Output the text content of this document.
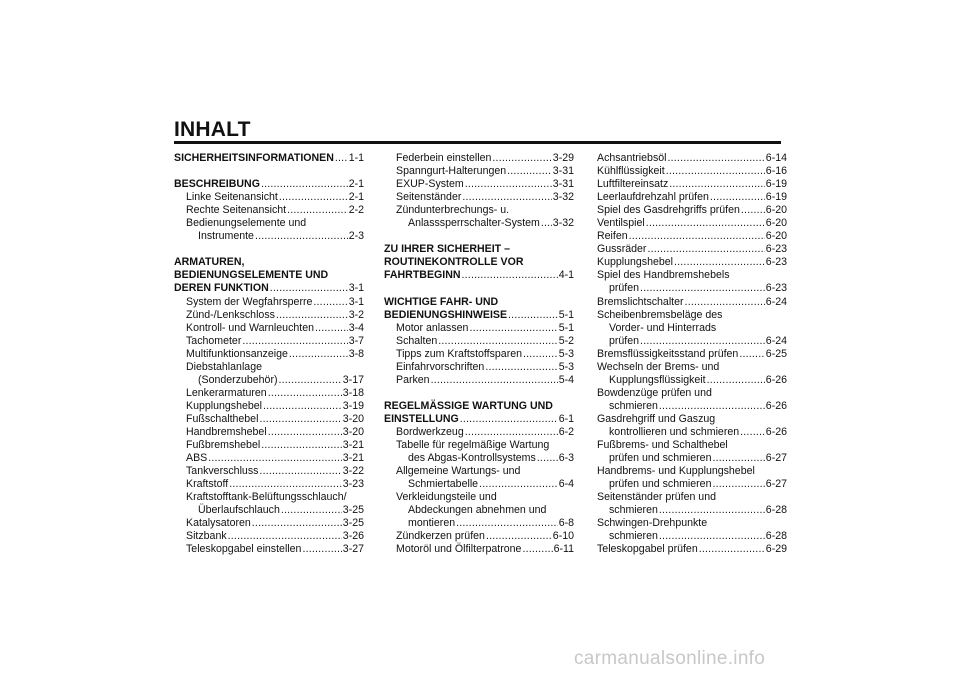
INHALT
SICHERHEITSINFORMATIONEN ..... 1-1
BESCHREIBUNG .....	2-1
Linke Seitenansicht .....	2-1
Rechte Seitenansicht .....	2-2
Bedienungselemente und
Instrumente .....	2-3
ARMATUREN,
BEDIENUNGSELEMENTE UND
DEREN FUNKTION .....	3-1
System der Wegfahrsperre .....	3-1
Zünd-/Lenkschloss .....	3-2
Kontroll- und Warnleuchten .....	3-4
Tachometer .....	3-7
Multifunktionsanzeige .....	3-8
Diebstahlanlage
(Sonderzubehör) .....	3-17
Lenkerarmaturen .....	3-18
Kupplungshebel .....	3-19
Fußschalthebel .....	3-20
Handbremshebel .....	3-20
Fußbremshebel .....	3-21
ABS .....	3-21
Tankverschluss .....	3-22
Kraftstoff .....	3-23
Kraftstofftank-Belüftungsschlauch/
Überlaufschlauch .....	3-25
Katalysatoren .....	3-25
Sitzbank .....	3-26
Teleskopgabel einstellen .....	3-27
Federbein einstellen .....	3-29
Spanngurt-Halterungen .....	3-31
EXUP-System .....	3-31
Seitenständer .....	3-32
Zündunterbrechungs- u.
Anlasssperrschalter-System ..... 3-32
ZU IHRER SICHERHEIT –
ROUTINEKONTROLLE VOR
FAHRTBEGINN .....	4-1
WICHTIGE FAHR- UND
BEDIENUNGSHINWEISE .....	5-1
Motor anlassen .....	5-1
Schalten .....	5-2
Tipps zum Kraftstoffsparen .....	5-3
Einfahrvorschriften .....	5-3
Parken .....	5-4
REGELMÄSSIGE WARTUNG UND
EINSTELLUNG .....	6-1
Bordwerkzeug .....	6-2
Tabelle für regelmäßige Wartung
des Abgas-Kontrollsystems ..... 6-3
Allgemeine Wartungs- und
Schmiertabelle .....	6-4
Verkleidungsteile und
Abdeckungen abnehmen und
montieren .....	6-8
Zündkerzen prüfen .....	6-10
Motoröl und Ölfilterpatrone .....	6-11
Achsantriebsöl .....	6-14
Kühlflüssigkeit .....	6-16
Luftfiltereinsatz .....	6-19
Leerlaufdrehzahl prüfen .....	6-19
Spiel des Gasdrehgriffs prüfen ..... 6-20
Ventilspiel .....	6-20
Reifen .....	6-20
Gussräder .....	6-23
Kupplungshebel .....	6-23
Spiel des Handbremshebels
prüfen .....	6-23
Bremslichtschalter .....	6-24
Scheibenbremsbeläge des
Vorder- und Hinterrads
prüfen .....	6-24
Bremsflüssigkeitsstand prüfen .....	6-25
Wechseln der Brems- und
Kupplungsflüssigkeit .....	6-26
Bowdenzüge prüfen und
schmieren .....	6-26
Gasdrehgriff und Gaszug
kontrollieren und schmieren .....	6-26
Fußbrems- und Schalthebel
prüfen und schmieren .....	6-27
Handbrems- und Kupplungshebel
prüfen und schmieren .....	6-27
Seitenständer prüfen und
schmieren .....	6-28
Schwingen-Drehpunkte
schmieren .....	6-28
Teleskopgabel prüfen .....	6-29
carmanualsonline.info
